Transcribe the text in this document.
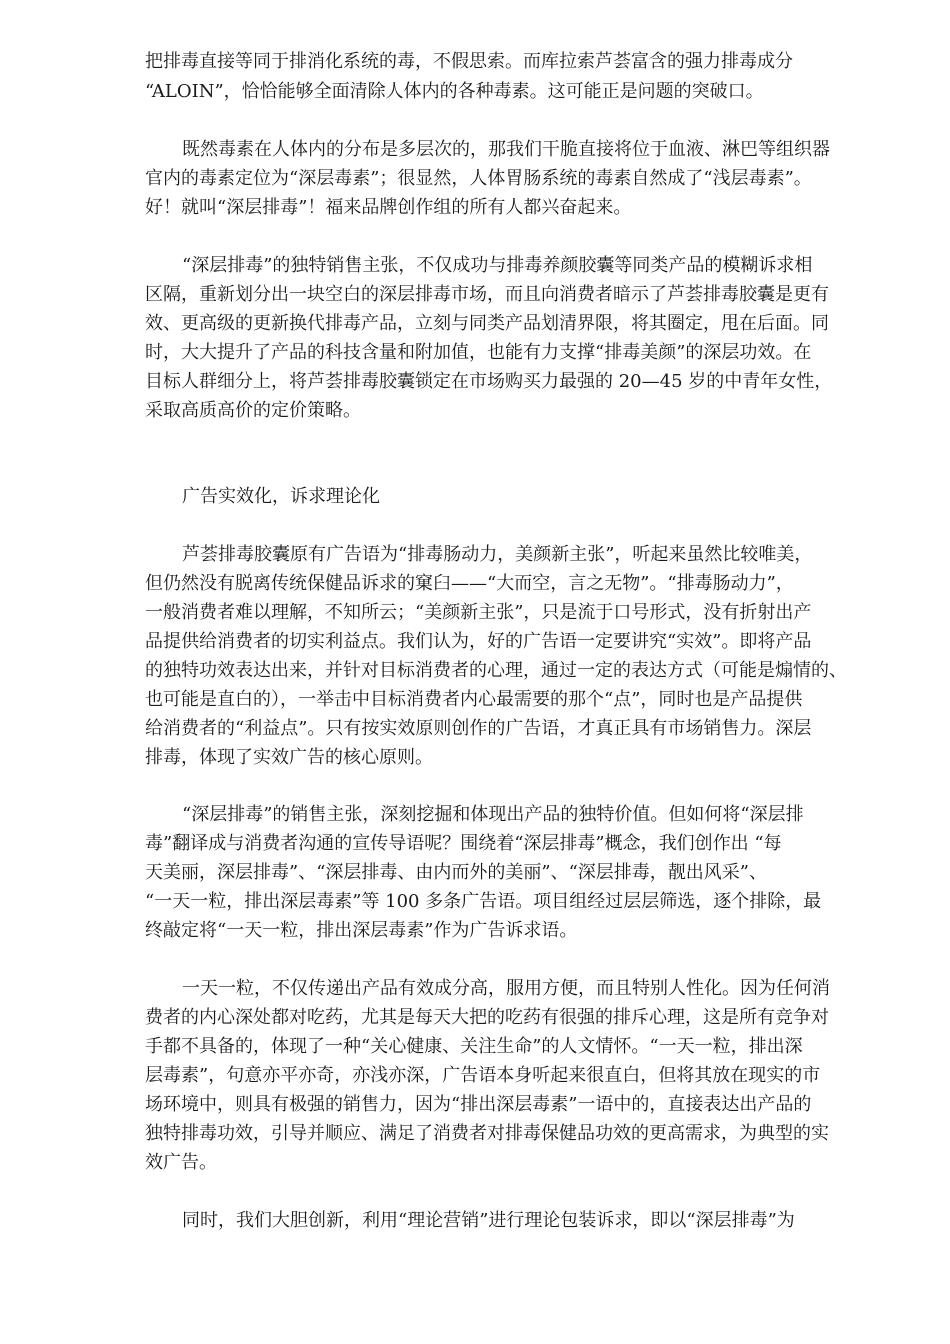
把排毒直接等同于排消化系统的毒，不假思索。而库拉索芦荟富含的强力排毒成分

“ALOIN”，恰恰能够全面清除人体内的各种毒素。这可能正是问题的突破口。

既然毒素在人体内的分布是多层次的，那我们干脆直接将位于血液、淋巴等组织器

官内的毒素定位为“深层毒素”；很显然，人体胃肠系统的毒素自然成了“浅层毒素”。

好！就叫“深层排毒”！福来品牌创作组的所有人都兴奋起来。

“深层排毒”的独特销售主张，不仅成功与排毒养颜胶囊等同类产品的模糊诉求相

区隔，重新划分出一块空白的深层排毒市场，而且向消费者暗示了芦荟排毒胶囊是更有

效、更高级的更新换代排毒产品，立刻与同类产品划清界限，将其圈定，甩在后面。同

时，大大提升了产品的科技含量和附加值，也能有力支撑“排毒美颜”的深层功效。在

目标人群细分上，将芦荟排毒胶囊锁定在市场购买力最强的 20—45 岁的中青年女性，

采取高质高价的定价策略。

广告实效化，诉求理论化

芦荟排毒胶囊原有广告语为“排毒肠动力，美颜新主张”，听起来虽然比较唯美，

但仍然没有脱离传统保健品诉求的窠臼——“大而空，言之无物”。“排毒肠动力”，

一般消费者难以理解，不知所云；“美颜新主张”，只是流于口号形式，没有折射出产

品提供给消费者的切实利益点。我们认为，好的广告语一定要讲究“实效”。即将产品

的独特功效表达出来，并针对目标消费者的心理，通过一定的表达方式（可能是煽情的、

也可能是直白的），一举击中目标消费者内心最需要的那个“点”，同时也是产品提供

给消费者的“利益点”。只有按实效原则创作的广告语，才真正具有市场销售力。深层

排毒，体现了实效广告的核心原则。

“深层排毒”的销售主张，深刻挖掘和体现出产品的独特价值。但如何将“深层排

毒”翻译成与消费者沟通的宣传导语呢？围绕着“深层排毒”概念，我们创作出 “每

天美丽，深层排毒”、“深层排毒、由内而外的美丽”、“深层排毒，靓出风采”、

“一天一粒，排出深层毒素”等 100 多条广告语。项目组经过层层筛选，逐个排除，最

终敲定将“一天一粒，排出深层毒素”作为广告诉求语。

一天一粒，不仅传递出产品有效成分高，服用方便，而且特别人性化。因为任何消

费者的内心深处都对吃药，尤其是每天大把的吃药有很强的排斥心理，这是所有竞争对

手都不具备的，体现了一种“关心健康、关注生命”的人文情怀。“一天一粒，排出深

层毒素”，句意亦平亦奇，亦浅亦深，广告语本身听起来很直白，但将其放在现实的市

场环境中，则具有极强的销售力，因为“排出深层毒素”一语中的，直接表达出产品的

独特排毒功效，引导并顺应、满足了消费者对排毒保健品功效的更高需求，为典型的实

效广告。

同时，我们大胆创新，利用“理论营销”进行理论包装诉求，即以“深层排毒”为
